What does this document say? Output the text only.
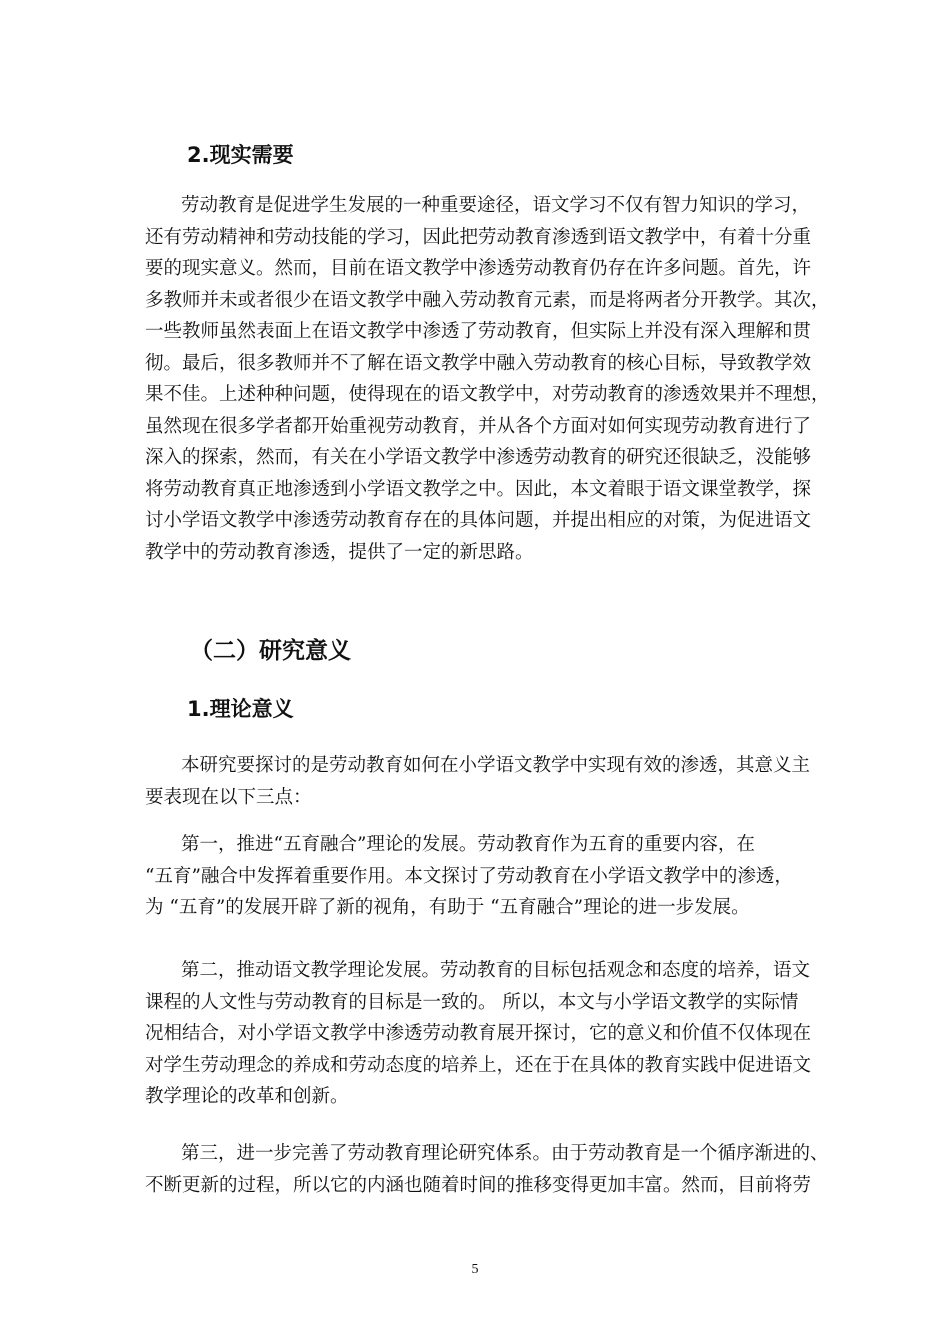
2.现实需要
劳动教育是促进学生发展的一种重要途径，语文学习不仅有智力知识的学习，
还有劳动精神和劳动技能的学习，因此把劳动教育渗透到语文教学中，有着十分重
要的现实意义。然而，目前在语文教学中渗透劳动教育仍存在许多问题。首先，许
多教师并未或者很少在语文教学中融入劳动教育元素，而是将两者分开教学。其次，
一些教师虽然表面上在语文教学中渗透了劳动教育，但实际上并没有深入理解和贯
彻。最后，很多教师并不了解在语文教学中融入劳动教育的核心目标，导致教学效
果不佳。上述种种问题，使得现在的语文教学中，对劳动教育的渗透效果并不理想，
虽然现在很多学者都开始重视劳动教育，并从各个方面对如何实现劳动教育进行了
深入的探索，然而，有关在小学语文教学中渗透劳动教育的研究还很缺乏，没能够
将劳动教育真正地渗透到小学语文教学之中。因此，本文着眼于语文课堂教学，探
讨小学语文教学中渗透劳动教育存在的具体问题，并提出相应的对策，为促进语文
教学中的劳动教育渗透，提供了一定的新思路。
（二）研究意义
1.理论意义
本研究要探讨的是劳动教育如何在小学语文教学中实现有效的渗透，其意义主
要表现在以下三点：
第一，推进“五育融合”理论的发展。劳动教育作为五育的重要内容，在
“五育”融合中发挥着重要作用。本文探讨了劳动教育在小学语文教学中的渗透，
为 “五育”的发展开辟了新的视角，有助于 “五育融合”理论的进一步发展。
第二，推动语文教学理论发展。劳动教育的目标包括观念和态度的培养，语文
课程的人文性与劳动教育的目标是一致的。 所以，本文与小学语文教学的实际情
况相结合，对小学语文教学中渗透劳动教育展开探讨，它的意义和价值不仅体现在
对学生劳动理念的养成和劳动态度的培养上，还在于在具体的教育实践中促进语文
教学理论的改革和创新。
第三，进一步完善了劳动教育理论研究体系。由于劳动教育是一个循序渐进的、
不断更新的过程，所以它的内涵也随着时间的推移变得更加丰富。然而，目前将劳

5
